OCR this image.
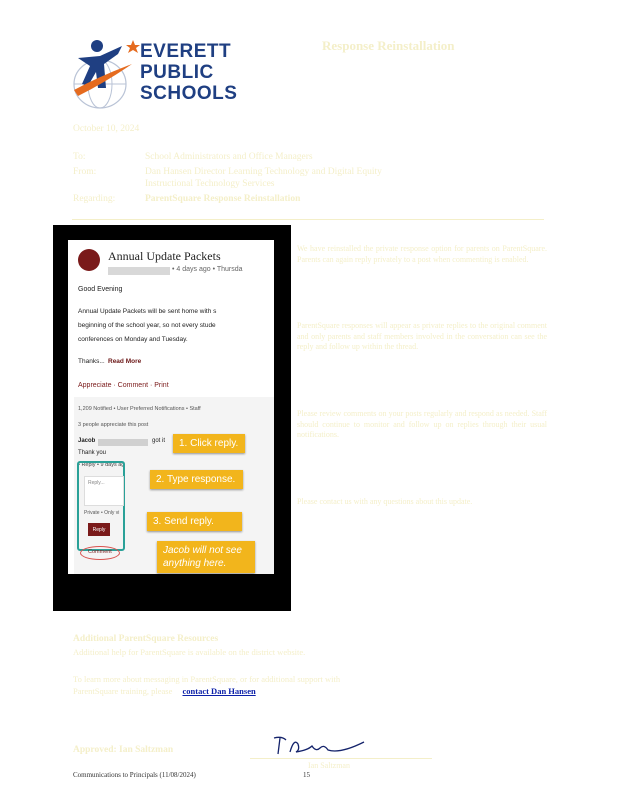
EVERETT
PUBLIC
SCHOOLS
Response Reinstallation
October 10, 2024
To:	School Administrators and Office Managers
From:	Dan Hansen Director Learning Technology and Digital Equity
Instructional Technology Services
Regarding:	ParentSquare Response Reinstallation
Annual Update Packets
• 4 days ago • Thursda
Good Evening
Annual Update Packets will be sent home with s
beginning of the school year, so not every stude
conferences on Monday and Tuesday.
Thanks... Read More
Appreciate · Comment · Print
1,209 Notified • User Preferred Notifications • Staff
3 people appreciate this post
Jacob	got it
Thank you
• Reply • 9 days ag
Reply...
Private • Only vi
Reply
Comment
1. Click reply.
2. Type response.
3. Send reply.
Jacob will not see anything here.
We have reinstalled the private response option for parents on ParentSquare. Parents can again reply privately to a post when commenting is enabled.
ParentSquare responses will appear as private replies to the original comment and only parents and staff members involved in the conversation can see the reply and follow up within the thread.
Please review comments on your posts regularly and respond as needed. Staff should continue to monitor and follow up on replies through their usual notifications.
Please contact us with any questions about this update.
Additional ParentSquare Resources
Additional help for ParentSquare is available on the district website.
To learn more about messaging in ParentSquare, or for additional support with
ParentSquare training, please contact Dan Hansen
Approved: Ian Saltzman
Ian Saltzman
Communications to Principals (11/08/2024)	15
